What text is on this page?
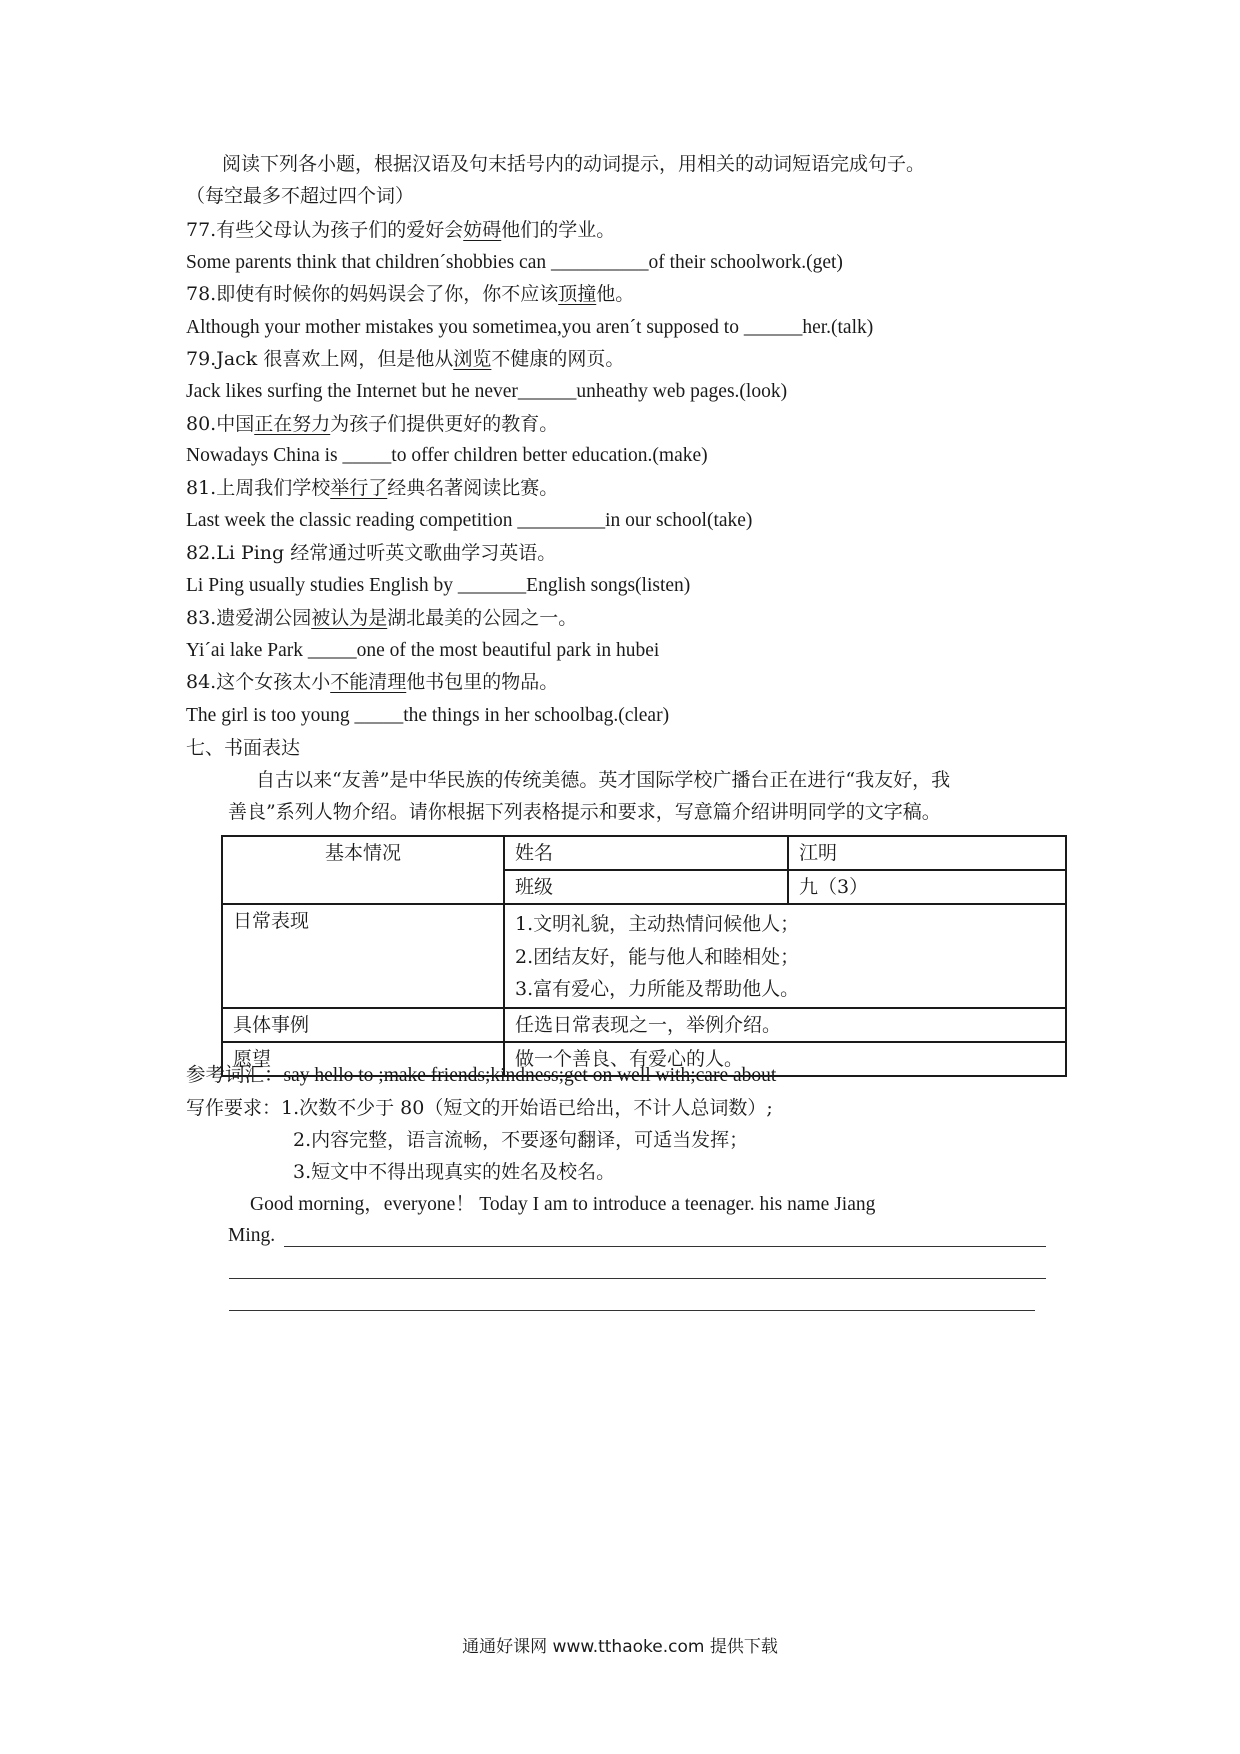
阅读下列各小题，根据汉语及句末括号内的动词提示，用相关的动词短语完成句子。
（每空最多不超过四个词）
77.有些父母认为孩子们的爱好会妨碍他们的学业。
Some parents think that children´shobbies can __________of their schoolwork.(get)
78.即使有时候你的妈妈误会了你，你不应该顶撞他。
Although your mother mistakes you sometimea,you aren´t supposed to ______her.(talk)
79.Jack 很喜欢上网，但是他从浏览不健康的网页。
Jack likes surfing the Internet but he never______unheathy web pages.(look)
80.中国正在努力为孩子们提供更好的教育。
Nowadays China is _____to offer children better education.(make)
81.上周我们学校举行了经典名著阅读比赛。
Last week the classic reading competition _________in our school(take)
82.Li Ping 经常通过听英文歌曲学习英语。
Li Ping usually studies English by _______English songs(listen)
83.遗爱湖公园被认为是湖北最美的公园之一。
Yi´ai lake Park _____one of the most beautiful park in hubei
84.这个女孩太小不能清理他书包里的物品。
The girl is too young _____the things in her schoolbag.(clear)
七、书面表达
自古以来“友善”是中华民族的传统美德。英才国际学校广播台正在进行“我友好，我
善良”系列人物介绍。请你根据下列表格提示和要求，写意篇介绍讲明同学的文字稿。
基本情况	姓名	江明
	班级	九（3）
日常表现	1.文明礼貌，主动热情问候他人；
2.团结友好，能与他人和睦相处；
3.富有爱心，力所能及帮助他人。	

具体事例	任选日常表现之一，举例介绍。	
愿望	做一个善良、有爱心的人。	
参考词汇：say hello to ;make friends;kindness;get on well with;care about
写作要求：1.次数不少于 80（短文的开始语已给出，不计人总词数）;
2.内容完整，语言流畅，不要逐句翻译，可适当发挥；
3.短文中不得出现真实的姓名及校名。
Good morning，everyone！ Today I am to introduce a teenager. his name Jiang
Ming.
通通好课网 www.tthaoke.com 提供下载
